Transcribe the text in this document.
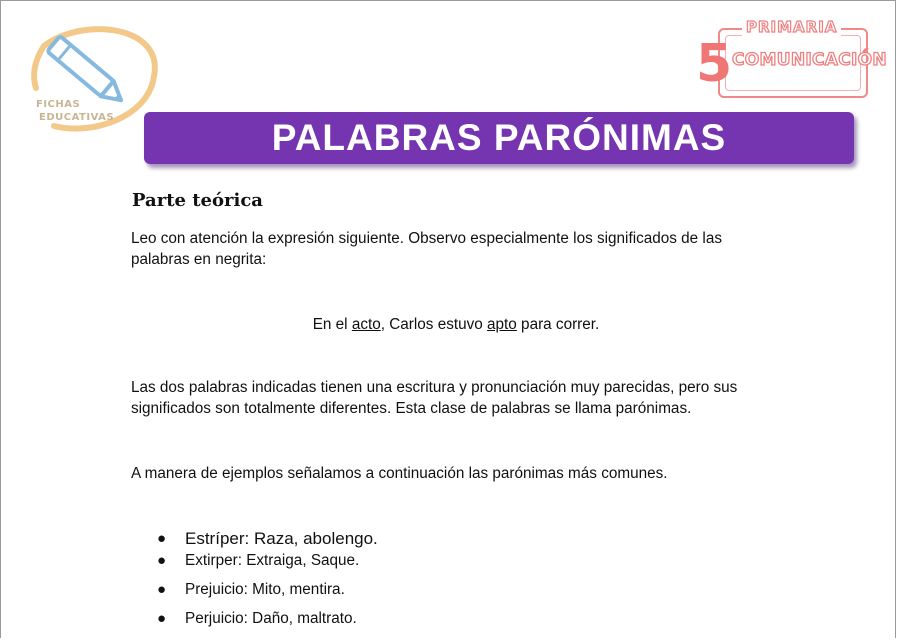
FICHAS
EDUCATIVAS
PRIMARIA
5 COMUNICACIÓN
PALABRAS PARÓNIMAS
Parte teórica
Leo con atención la expresión siguiente. Observo especialmente los significados de las palabras en negrita:
En el acto, Carlos estuvo apto para correr.
Las dos palabras indicadas tienen una escritura y pronunciación muy parecidas, pero sus significados son totalmente diferentes. Esta clase de palabras se llama parónimas.
A manera de ejemplos señalamos a continuación las parónimas más comunes.
● Estríper: Raza, abolengo.
● Extirper: Extraiga, Saque.
● Prejuicio: Mito, mentira.
● Perjuicio: Daño, maltrato.
